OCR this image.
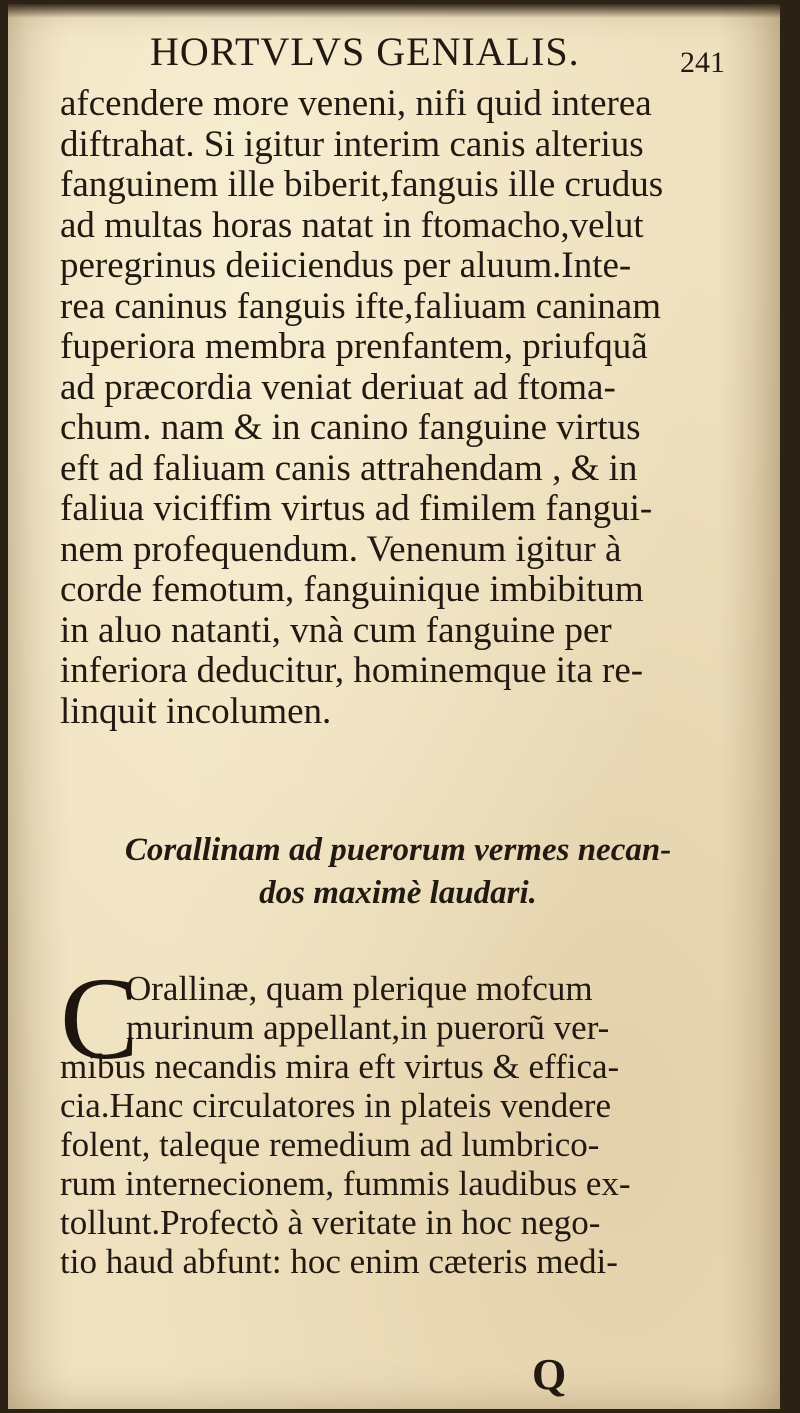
HORTVLVS GENIALIS.	241
afcendere more veneni, nifi quid interea
diftrahat. Si igitur interim canis alterius
fanguinem ille biberit,fanguis ille crudus
ad multas horas natat in ftomacho,velut
peregrinus deiiciendus per aluum.Inte-
rea caninus fanguis ifte,faliuam caninam
fuperiora membra prenfantem, priufquã
ad præcordia veniat deriuat ad ftoma-
chum. nam & in canino fanguine virtus
eft ad faliuam canis attrahendam , & in
faliua viciffim virtus ad fimilem fangui-
nem profequendum. Venenum igitur à
corde femotum, fanguinique imbibitum
in aluo natanti, vnà cum fanguine per
inferiora deducitur, hominemque ita re-
linquit incolumen.
Corallinam ad puerorum vermes necan-
dos maximè laudari.
C
Orallinæ, quam plerique mofcum
murinum appellant,in puerorũ ver-
mibus necandis mira eft virtus & effica-
cia.Hanc circulatores in plateis vendere
folent, taleque remedium ad lumbrico-
rum internecionem, fummis laudibus ex-
tollunt.Profectò à veritate in hoc nego-
tio haud abfunt: hoc enim cæteris medi-
Q
